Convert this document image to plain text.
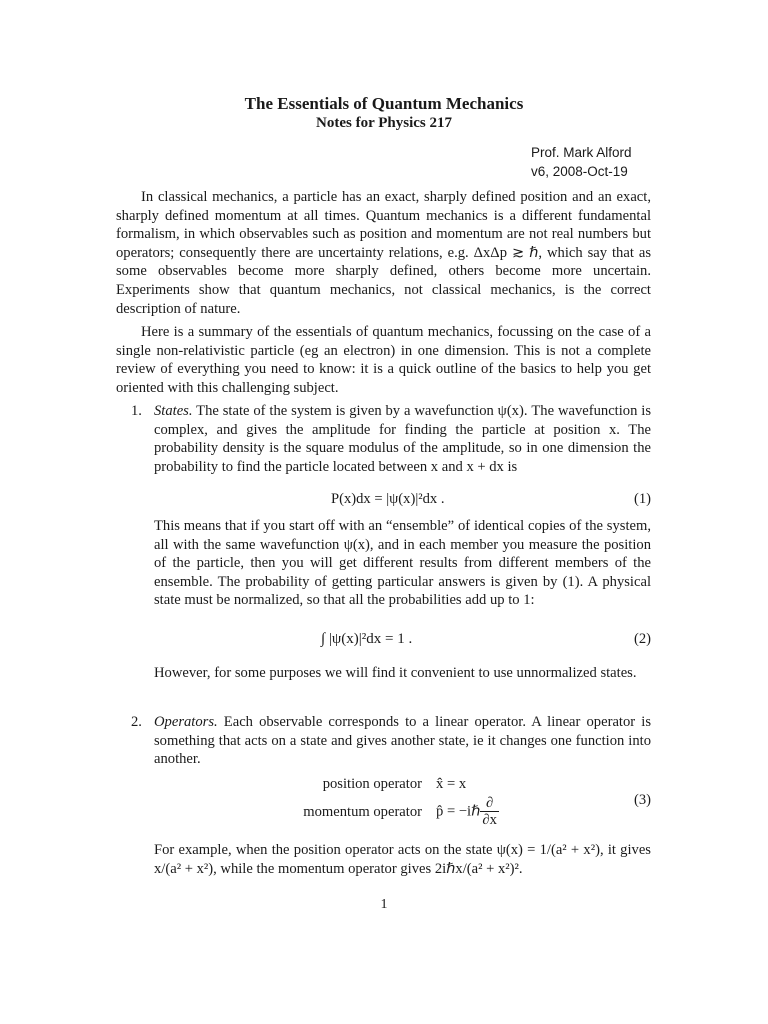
The Essentials of Quantum Mechanics
Notes for Physics 217
Prof. Mark Alford
v6, 2008-Oct-19

In classical mechanics, a particle has an exact, sharply defined position and an exact, sharply defined momentum at all times. Quantum mechanics is a different fundamental formalism, in which observables such as position and momentum are not real numbers but operators; consequently there are uncertainty relations, e.g. ΔxΔp ≳ ℏ, which say that as some observables become more sharply defined, others become more uncertain. Experiments show that quantum mechanics, not classical mechanics, is the correct description of nature.

Here is a summary of the essentials of quantum mechanics, focussing on the case of a single non-relativistic particle (eg an electron) in one dimension. This is not a complete review of everything you need to know: it is a quick outline of the basics to help you get oriented with this challenging subject.

1. States. The state of the system is given by a wavefunction ψ(x). The wavefunction is complex, and gives the amplitude for finding the particle at position x. The probability density is the square modulus of the amplitude, so in one dimension the probability to find the particle located between x and x + dx is
P(x)dx = |ψ(x)|²dx .	(1)
This means that if you start off with an “ensemble” of identical copies of the system, all with the same wavefunction ψ(x), and in each member you measure the position of the particle, then you will get different results from different members of the ensemble. The probability of getting particular answers is given by (1). A physical state must be normalized, so that all the probabilities add up to 1:
∫ |ψ(x)|²dx = 1 .	(2)
However, for some purposes we will find it convenient to use unnormalized states.
2. Operators. Each observable corresponds to a linear operator. A linear operator is something that acts on a state and gives another state, ie it changes one function into another.
position operator x̂ = x
momentum operator p̂ = −iℏ $\frac{\partial}{\partial x}$	(3)
For example, when the position operator acts on the state ψ(x) = 1/(a² + x²), it gives x/(a² + x²), while the momentum operator gives 2iℏx/(a² + x²)².
1
